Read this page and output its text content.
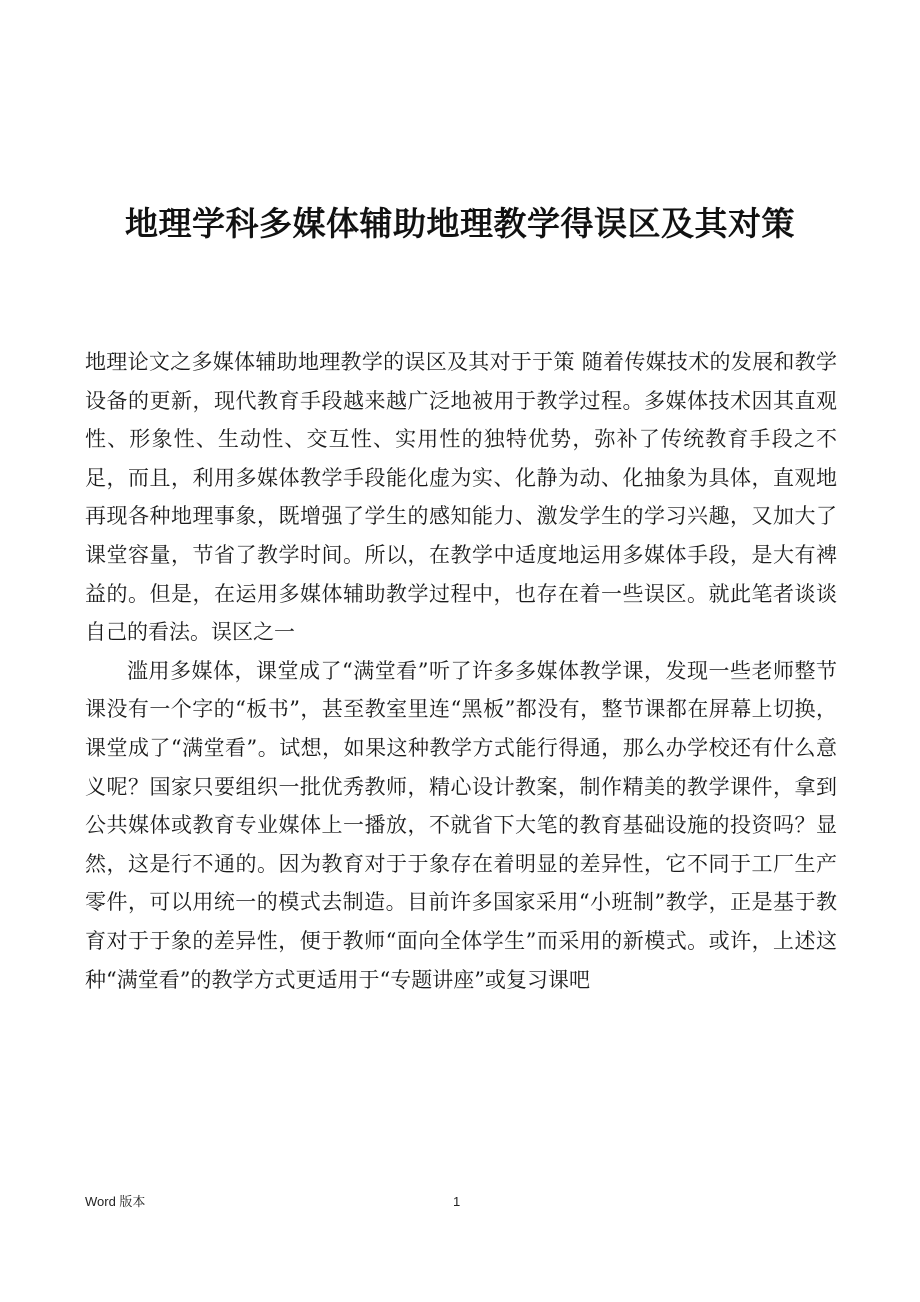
地理学科多媒体辅助地理教学得误区及其对策

地理论文之多媒体辅助地理教学的误区及其对于于策 随着传媒技术的发展和教学设备的更新，现代教育手段越来越广泛地被用于教学过程。多媒体技术因其直观性、形象性、生动性、交互性、实用性的独特优势，弥补了传统教育手段之不足，而且，利用多媒体教学手段能化虚为实、化静为动、化抽象为具体，直观地再现各种地理事象，既增强了学生的感知能力、激发学生的学习兴趣，又加大了课堂容量，节省了教学时间。所以，在教学中适度地运用多媒体手段，是大有裨益的。但是，在运用多媒体辅助教学过程中，也存在着一些误区。就此笔者谈谈自己的看法。误区之一

滥用多媒体，课堂成了“满堂看”听了许多多媒体教学课，发现一些老师整节课没有一个字的“板书”，甚至教室里连“黑板”都没有，整节课都在屏幕上切换，课堂成了“满堂看”。试想，如果这种教学方式能行得通，那么办学校还有什么意义呢？国家只要组织一批优秀教师，精心设计教案，制作精美的教学课件，拿到公共媒体或教育专业媒体上一播放，不就省下大笔的教育基础设施的投资吗？显然，这是行不通的。因为教育对于于象存在着明显的差异性，它不同于工厂生产零件，可以用统一的模式去制造。目前许多国家采用“小班制”教学，正是基于教育对于于象的差异性，便于教师“面向全体学生”而采用的新模式。或许，上述这种“满堂看”的教学方式更适用于“专题讲座”或复习课吧

Word 版本	1
